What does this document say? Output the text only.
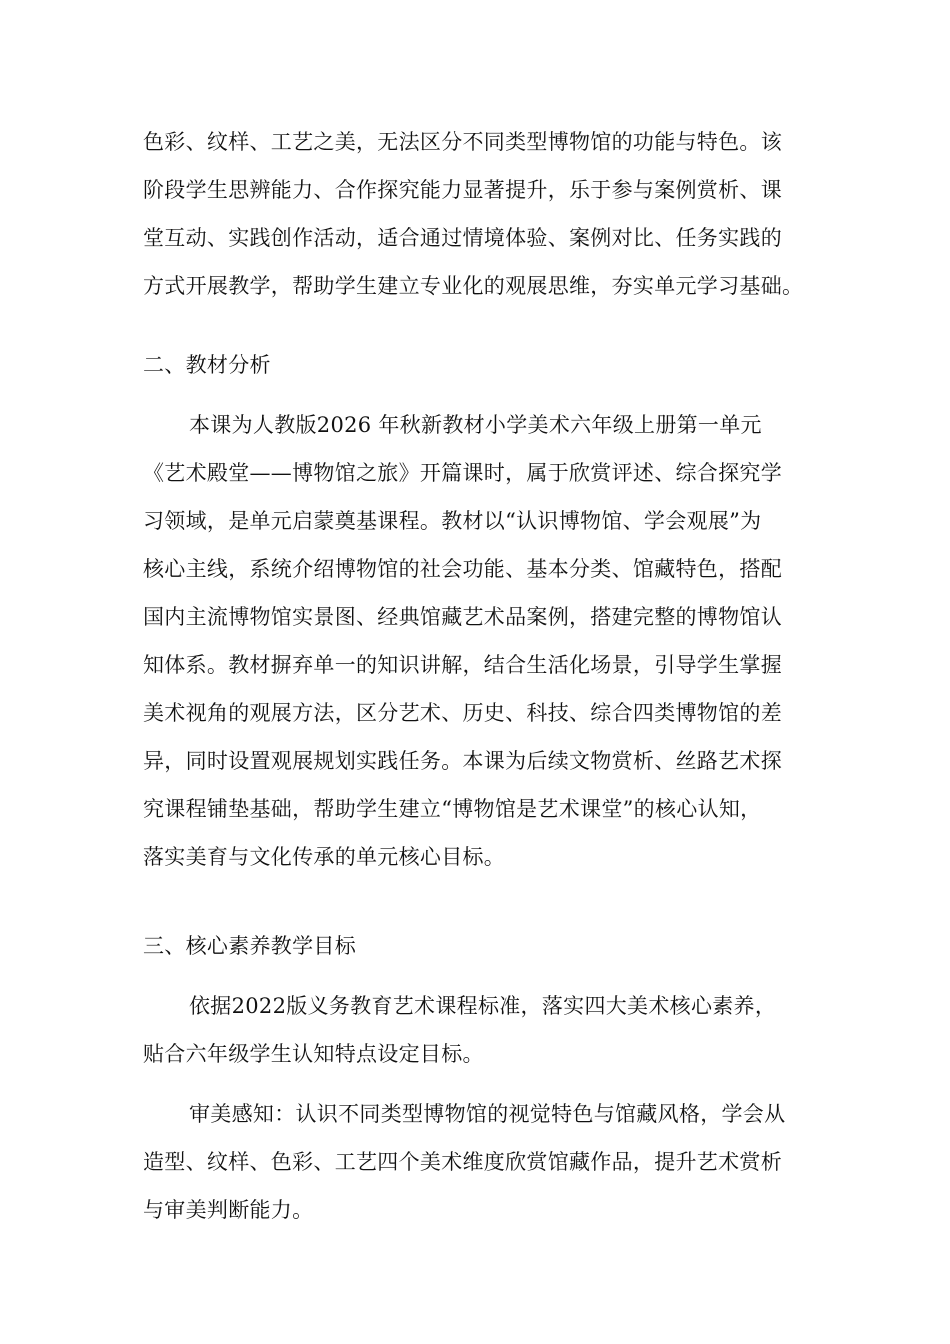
色彩、纹样、工艺之美，无法区分不同类型博物馆的功能与特色。该
阶段学生思辨能力、合作探究能力显著提升，乐于参与案例赏析、课
堂互动、实践创作活动，适合通过情境体验、案例对比、任务实践的
方式开展教学，帮助学生建立专业化的观展思维，夯实单元学习基础。
二、教材分析
本课为人教版2026 年秋新教材小学美术六年级上册第一单元
《艺术殿堂——博物馆之旅》开篇课时，属于欣赏评述、综合探究学
习领域，是单元启蒙奠基课程。教材以“认识博物馆、学会观展”为
核心主线，系统介绍博物馆的社会功能、基本分类、馆藏特色，搭配
国内主流博物馆实景图、经典馆藏艺术品案例，搭建完整的博物馆认
知体系。教材摒弃单一的知识讲解，结合生活化场景，引导学生掌握
美术视角的观展方法，区分艺术、历史、科技、综合四类博物馆的差
异，同时设置观展规划实践任务。本课为后续文物赏析、丝路艺术探
究课程铺垫基础，帮助学生建立“博物馆是艺术课堂”的核心认知，
落实美育与文化传承的单元核心目标。
三、核心素养教学目标
依据2022版义务教育艺术课程标准，落实四大美术核心素养，
贴合六年级学生认知特点设定目标。
审美感知：认识不同类型博物馆的视觉特色与馆藏风格，学会从
造型、纹样、色彩、工艺四个美术维度欣赏馆藏作品，提升艺术赏析
与审美判断能力。
